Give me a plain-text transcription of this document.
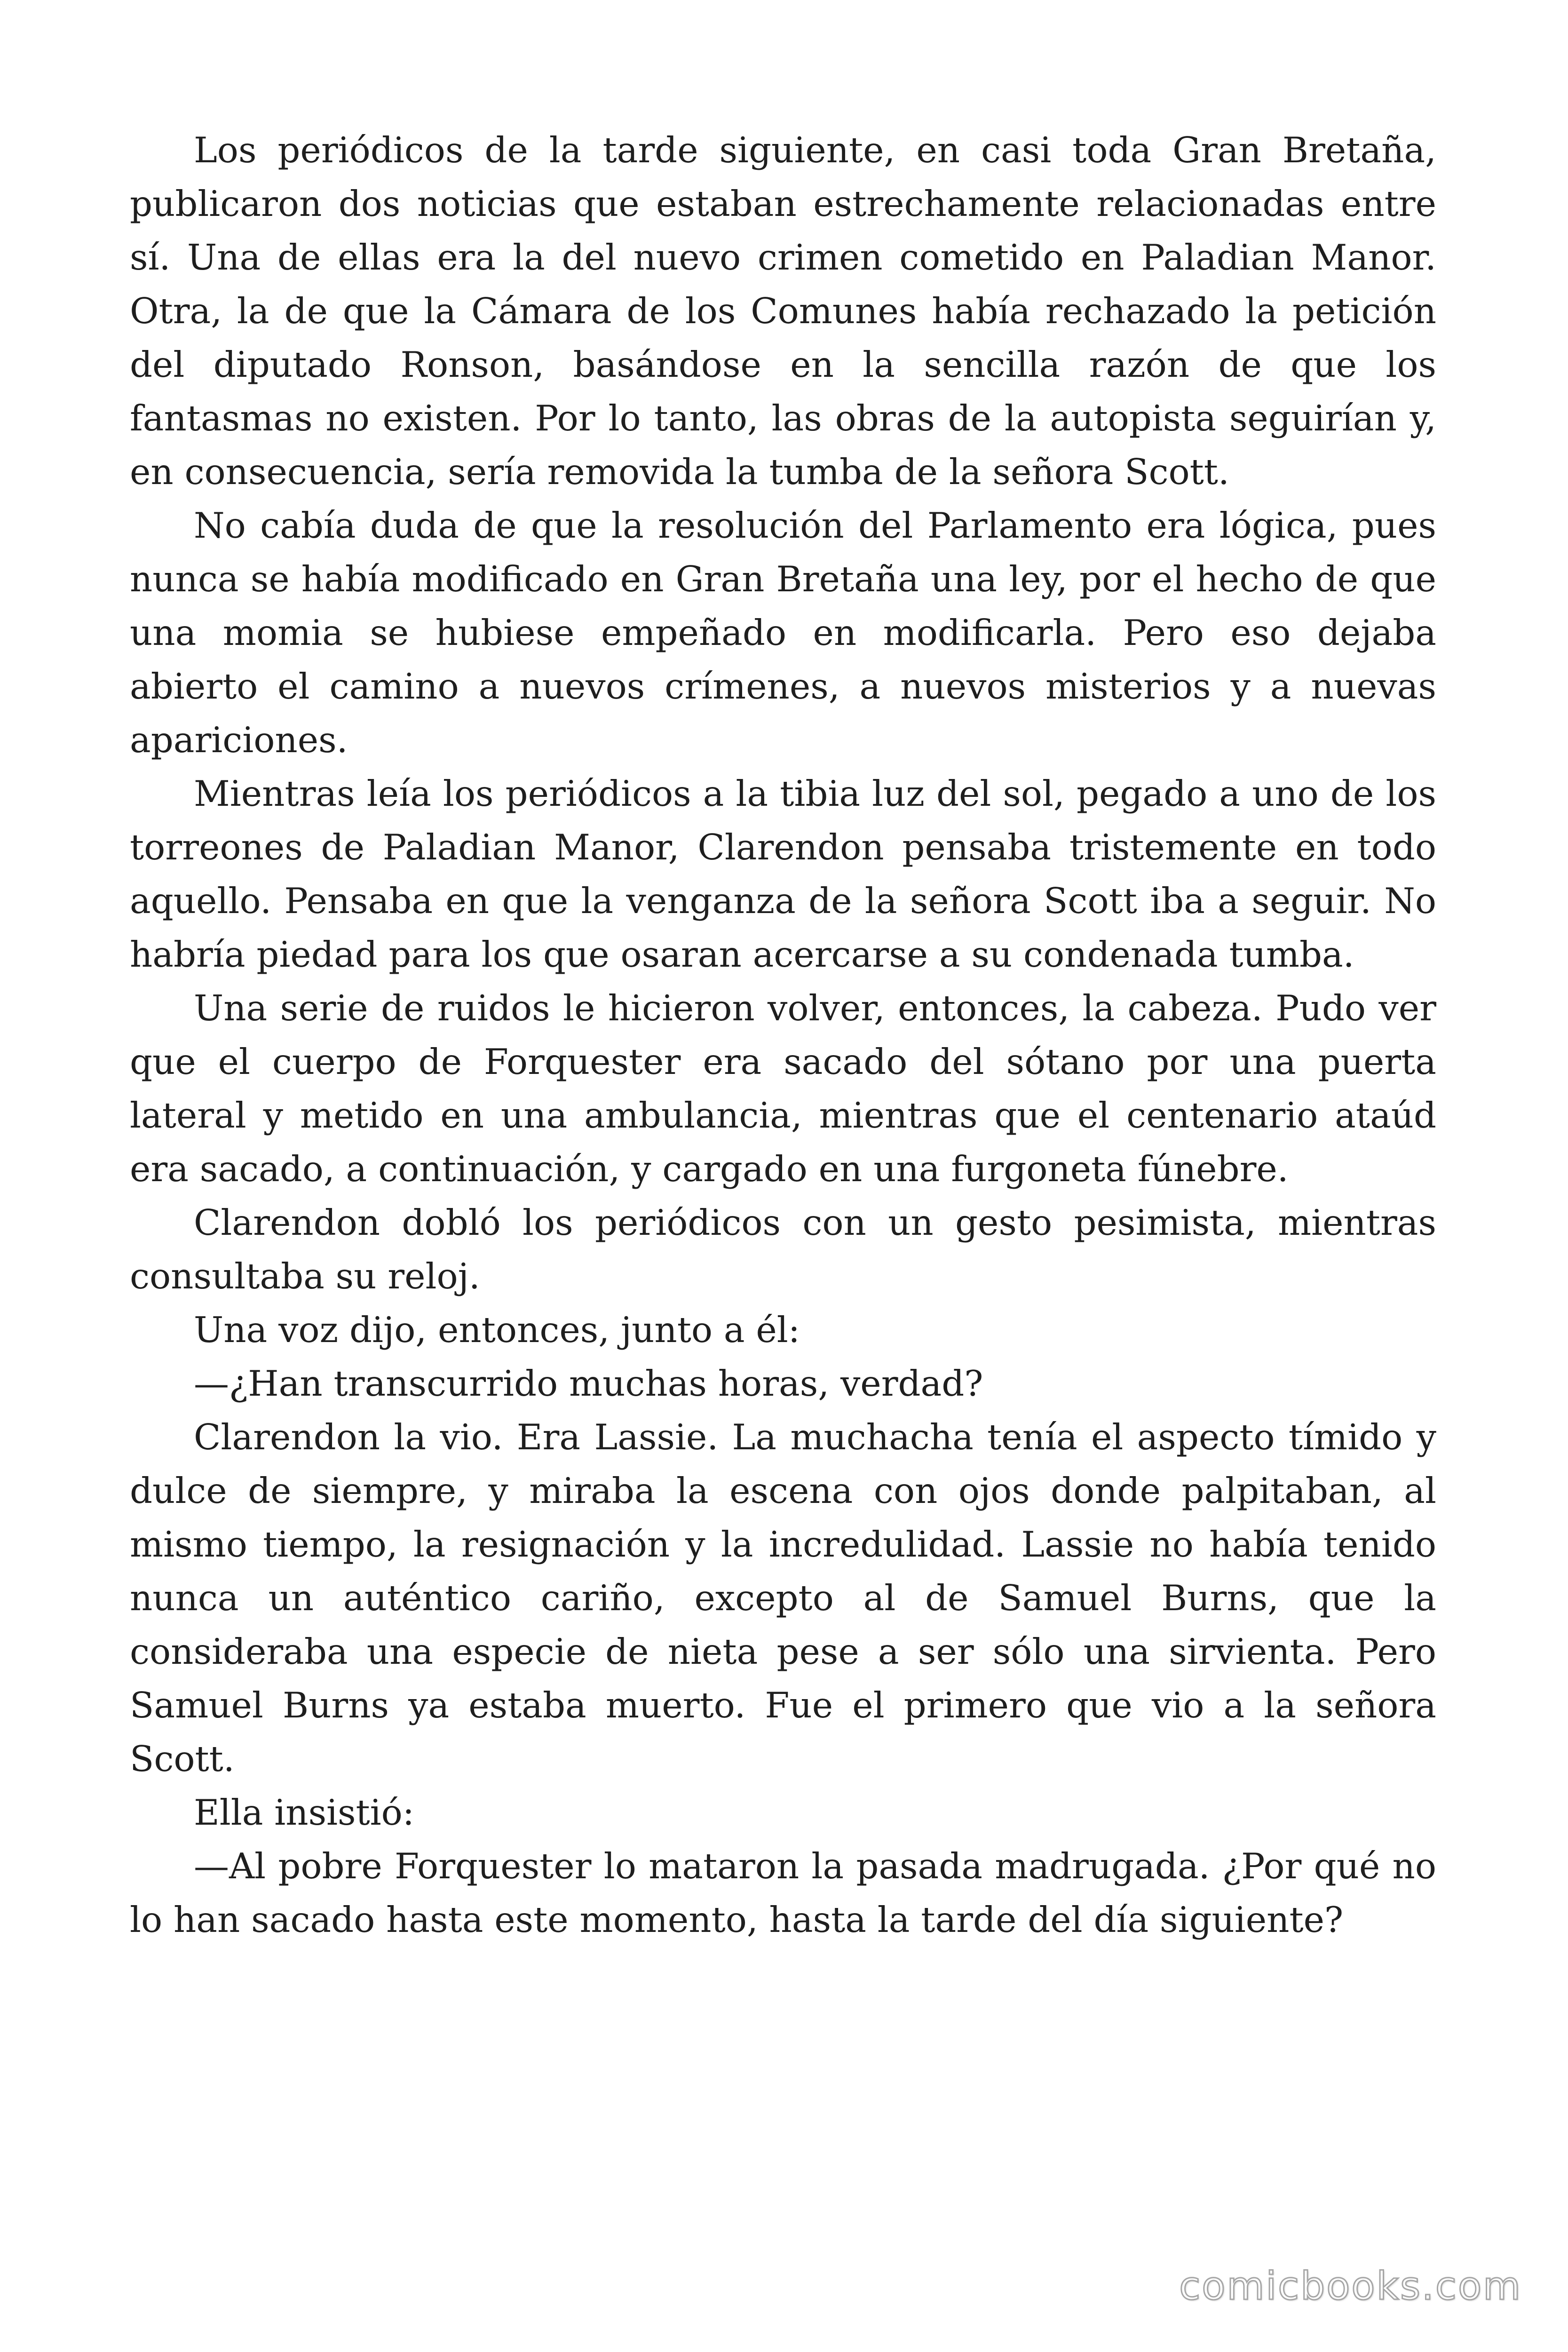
Los periódicos de la tarde siguiente, en casi toda Gran Bretaña, publicaron dos noticias que estaban estrechamente relacionadas entre sí. Una de ellas era la del nuevo crimen cometido en Paladian Manor. Otra, la de que la Cámara de los Comunes había rechazado la petición del diputado Ronson, basándose en la sencilla razón de que los fantasmas no existen. Por lo tanto, las obras de la autopista seguirían y, en consecuencia, sería removida la tumba de la señora Scott.

No cabía duda de que la resolución del Parlamento era lógica, pues nunca se había modificado en Gran Bretaña una ley, por el hecho de que una momia se hubiese empeñado en modificarla. Pero eso dejaba abierto el camino a nuevos crímenes, a nuevos misterios y a nuevas apariciones.

Mientras leía los periódicos a la tibia luz del sol, pegado a uno de los torreones de Paladian Manor, Clarendon pensaba tristemente en todo aquello. Pensaba en que la venganza de la señora Scott iba a seguir. No habría piedad para los que osaran acercarse a su condenada tumba.

Una serie de ruidos le hicieron volver, entonces, la cabeza. Pudo ver que el cuerpo de Forquester era sacado del sótano por una puerta lateral y metido en una ambulancia, mientras que el centenario ataúd era sacado, a continuación, y cargado en una furgoneta fúnebre.

Clarendon dobló los periódicos con un gesto pesimista, mientras consultaba su reloj.

Una voz dijo, entonces, junto a él:

—¿Han transcurrido muchas horas, verdad?

Clarendon la vio. Era Lassie. La muchacha tenía el aspecto tímido y dulce de siempre, y miraba la escena con ojos donde palpitaban, al mismo tiempo, la resignación y la incredulidad. Lassie no había tenido nunca un auténtico cariño, excepto al de Samuel Burns, que la consideraba una especie de nieta pese a ser sólo una sirvienta. Pero Samuel Burns ya estaba muerto. Fue el primero que vio a la señora Scott.

Ella insistió:

—Al pobre Forquester lo mataron la pasada madrugada. ¿Por qué no lo han sacado hasta este momento, hasta la tarde del día siguiente?

comicbooks.com
